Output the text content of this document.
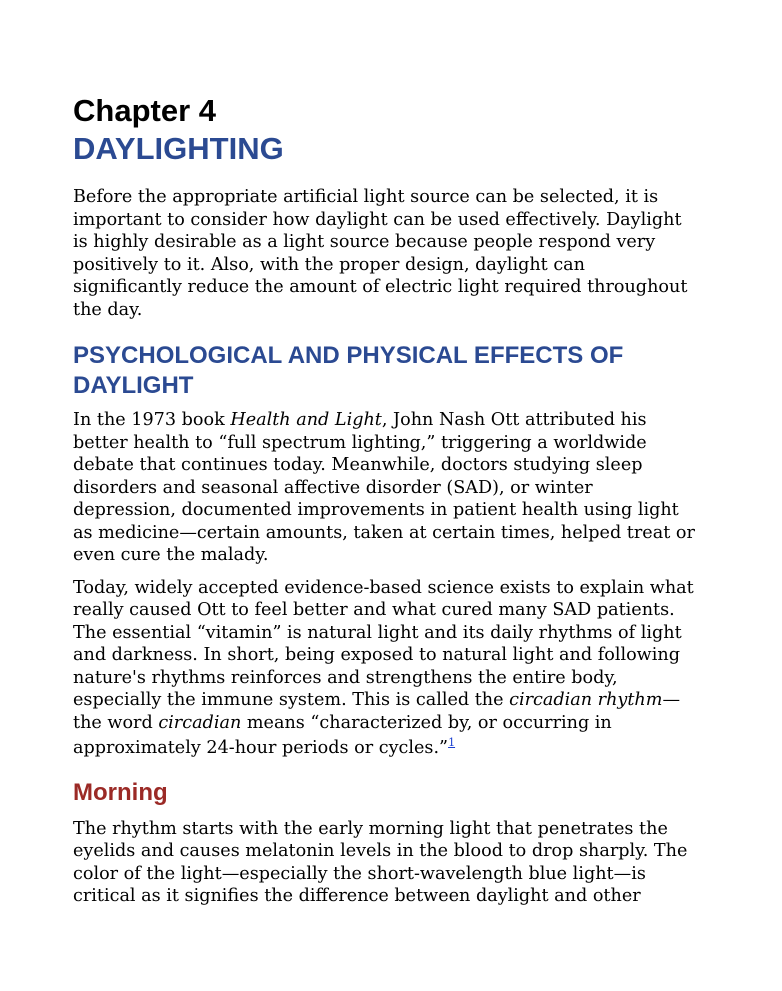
Chapter 4
DAYLIGHTING

Before the appropriate artificial light source can be selected, it is
important to consider how daylight can be used effectively. Daylight
is highly desirable as a light source because people respond very
positively to it. Also, with the proper design, daylight can
significantly reduce the amount of electric light required throughout
the day.

PSYCHOLOGICAL AND PHYSICAL EFFECTS OF
DAYLIGHT

In the 1973 book Health and Light, John Nash Ott attributed his
better health to “full spectrum lighting,” triggering a worldwide
debate that continues today. Meanwhile, doctors studying sleep
disorders and seasonal affective disorder (SAD), or winter
depression, documented improvements in patient health using light
as medicine—certain amounts, taken at certain times, helped treat or
even cure the malady.

Today, widely accepted evidence-based science exists to explain what
really caused Ott to feel better and what cured many SAD patients.
The essential “vitamin” is natural light and its daily rhythms of light
and darkness. In short, being exposed to natural light and following
nature's rhythms reinforces and strengthens the entire body,
especially the immune system. This is called the circadian rhythm—
the word circadian means “characterized by, or occurring in
approximately 24-hour periods or cycles.”$^1$

Morning

The rhythm starts with the early morning light that penetrates the
eyelids and causes melatonin levels in the blood to drop sharply. The
color of the light—especially the short-wavelength blue light—is
critical as it signifies the difference between daylight and other
